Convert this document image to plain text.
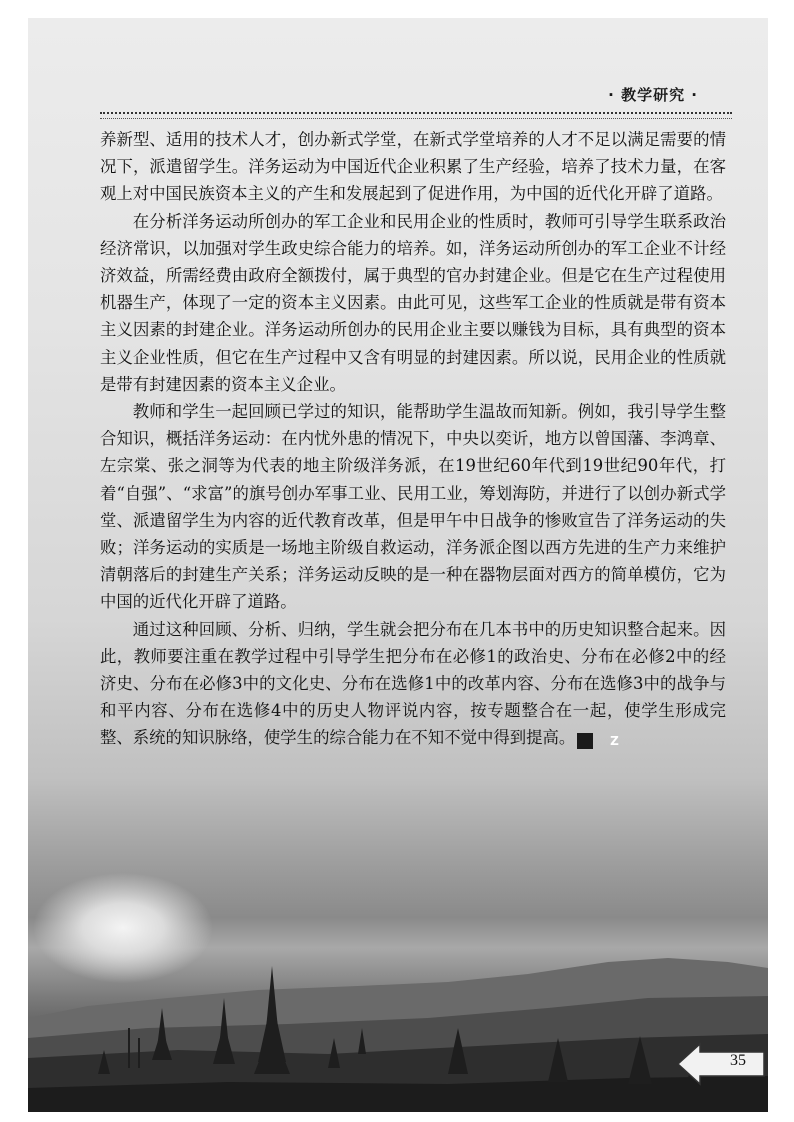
· 教学研究 ·

养新型、适用的技术人才，创办新式学堂，在新式学堂培养的人才不足以满足需要的情况下，派遣留学生。洋务运动为中国近代企业积累了生产经验，培养了技术力量，在客观上对中国民族资本主义的产生和发展起到了促进作用，为中国的近代化开辟了道路。

在分析洋务运动所创办的军工企业和民用企业的性质时，教师可引导学生联系政治经济常识，以加强对学生政史综合能力的培养。如，洋务运动所创办的军工企业不计经济效益，所需经费由政府全额拨付，属于典型的官办封建企业。但是它在生产过程使用机器生产，体现了一定的资本主义因素。由此可见，这些军工企业的性质就是带有资本主义因素的封建企业。洋务运动所创办的民用企业主要以赚钱为目标，具有典型的资本主义企业性质，但它在生产过程中又含有明显的封建因素。所以说，民用企业的性质就是带有封建因素的资本主义企业。

教师和学生一起回顾已学过的知识，能帮助学生温故而知新。例如，我引导学生整合知识，概括洋务运动：在内忧外患的情况下，中央以奕䜣，地方以曾国藩、李鸿章、左宗棠、张之洞等为代表的地主阶级洋务派，在19世纪60年代到19世纪90年代，打着“自强”、“求富”的旗号创办军事工业、民用工业，筹划海防，并进行了以创办新式学堂、派遣留学生为内容的近代教育改革，但是甲午中日战争的惨败宣告了洋务运动的失败；洋务运动的实质是一场地主阶级自救运动，洋务派企图以西方先进的生产力来维护清朝落后的封建生产关系；洋务运动反映的是一种在器物层面对西方的简单模仿，它为中国的近代化开辟了道路。

通过这种回顾、分析、归纳，学生就会把分布在几本书中的历史知识整合起来。因此，教师要注重在教学过程中引导学生把分布在必修1的政治史、分布在必修2中的经济史、分布在必修3中的文化史、分布在选修1中的改革内容、分布在选修3中的战争与和平内容、分布在选修4中的历史人物评说内容，按专题整合在一起，使学生形成完整、系统的知识脉络，使学生的综合能力在不知不觉中得到提高。	Z

35
